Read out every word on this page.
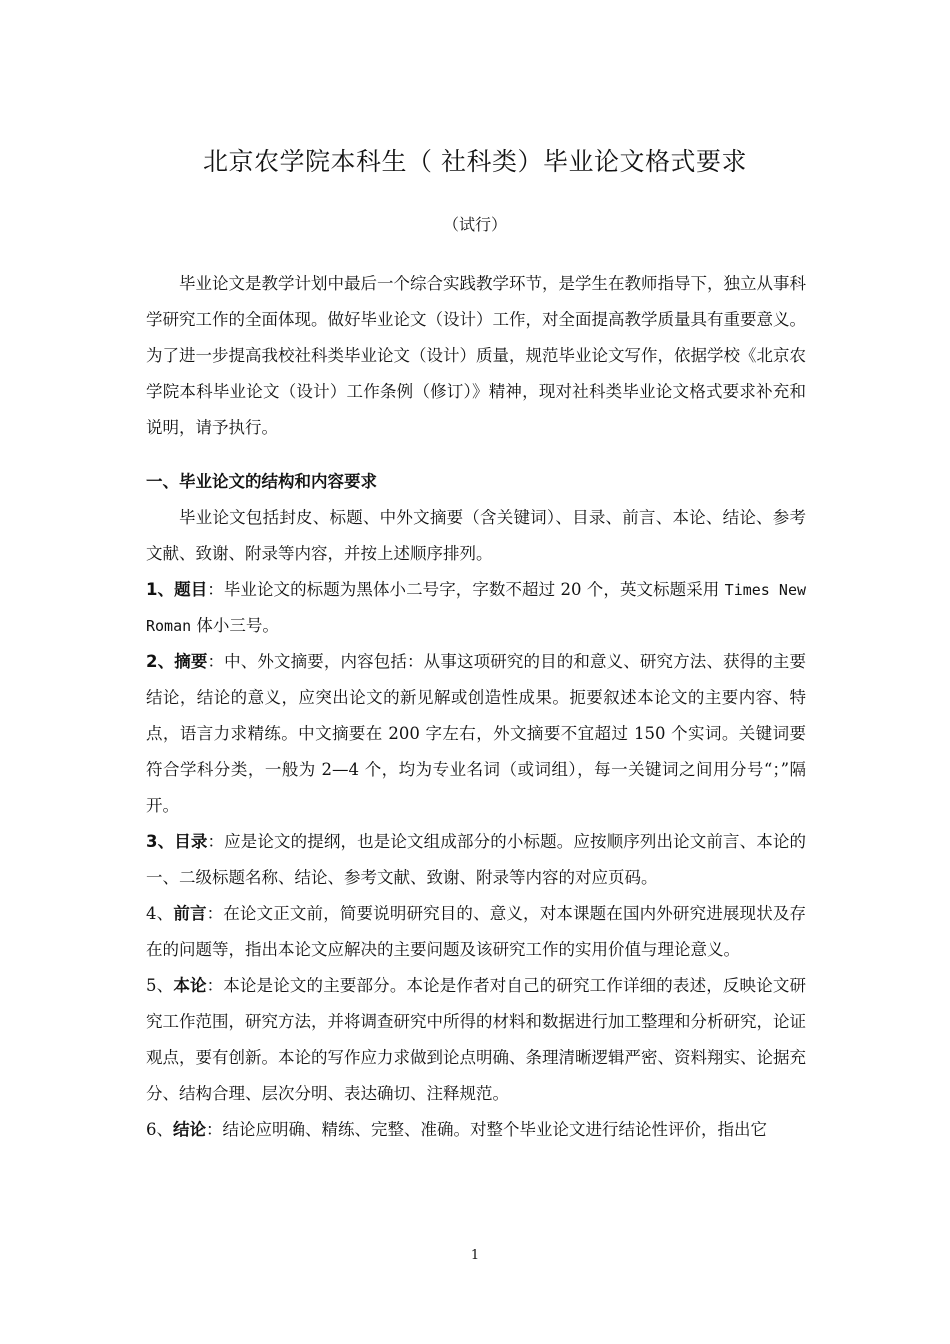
北京农学院本科生（ 社科类）毕业论文格式要求
（试行）

毕业论文是教学计划中最后一个综合实践教学环节，是学生在教师指导下，独立从事科学研究工作的全面体现。做好毕业论文（设计）工作，对全面提高教学质量具有重要意义。为了进一步提高我校社科类毕业论文（设计）质量，规范毕业论文写作，依据学校《北京农学院本科毕业论文（设计）工作条例（修订）》精神，现对社科类毕业论文格式要求补充和说明，请予执行。

一、毕业论文的结构和内容要求

毕业论文包括封皮、标题、中外文摘要（含关键词）、目录、前言、本论、结论、参考文献、致谢、附录等内容，并按上述顺序排列。

1、题目：毕业论文的标题为黑体小二号字，字数不超过 20 个，英文标题采用 Times New Roman 体小三号。

2、摘要：中、外文摘要，内容包括：从事这项研究的目的和意义、研究方法、获得的主要结论，结论的意义，应突出论文的新见解或创造性成果。扼要叙述本论文的主要内容、特点，语言力求精练。中文摘要在 200 字左右，外文摘要不宜超过 150 个实词。关键词要符合学科分类，一般为 2—4 个，均为专业名词（或词组），每一关键词之间用分号“；”隔开。

3、目录：应是论文的提纲，也是论文组成部分的小标题。应按顺序列出论文前言、本论的一、二级标题名称、结论、参考文献、致谢、附录等内容的对应页码。

4、前言：在论文正文前，简要说明研究目的、意义，对本课题在国内外研究进展现状及存在的问题等，指出本论文应解决的主要问题及该研究工作的实用价值与理论意义。

5、本论：本论是论文的主要部分。本论是作者对自己的研究工作详细的表述，反映论文研究工作范围，研究方法，并将调查研究中所得的材料和数据进行加工整理和分析研究，论证观点，要有创新。本论的写作应力求做到论点明确、条理清晰逻辑严密、资料翔实、论据充分、结构合理、层次分明、表达确切、注释规范。

6、结论：结论应明确、精练、完整、准确。对整个毕业论文进行结论性评价，指出它

1
